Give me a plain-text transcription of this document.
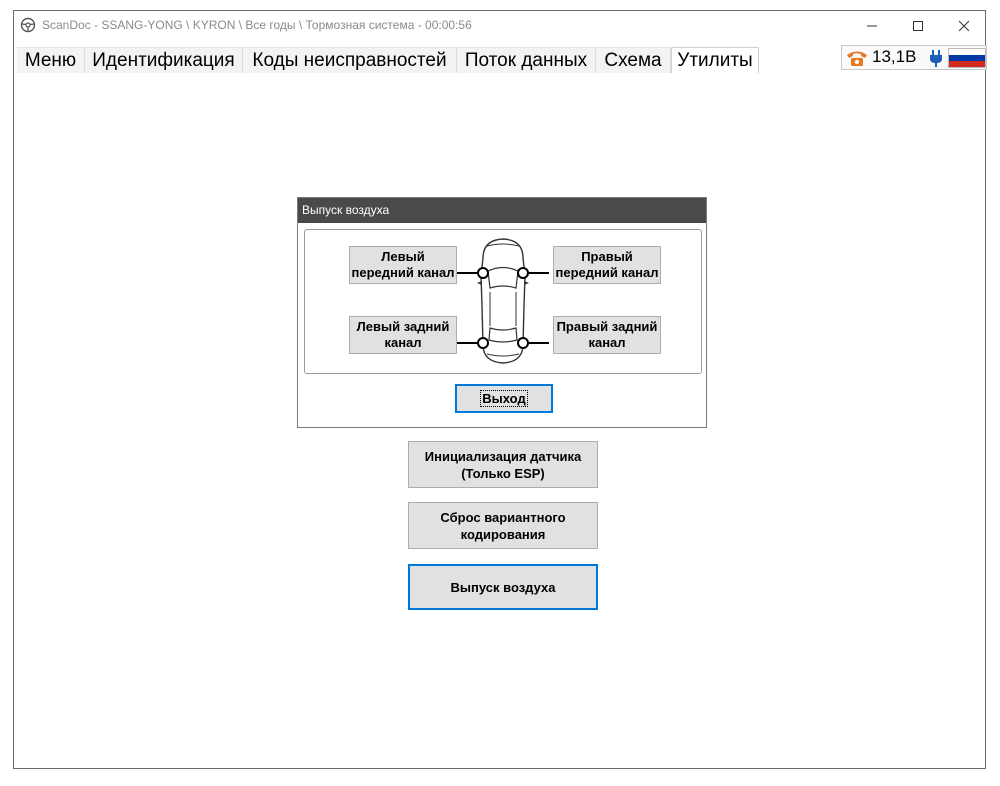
ScanDoc - SSANG-YONG \ KYRON \ Все годы \ Тормозная система - 00:00:56
Меню Идентификация Коды неисправностей Поток данных Схема Утилиты	13,1В
Выпуск воздуха
Левый передний канал
Правый передний канал
Левый задний канал
Правый задний канал
Выход
Инициализация датчика
(Только ESP)
Сброс вариантного
кодирования
Выпуск воздуха
